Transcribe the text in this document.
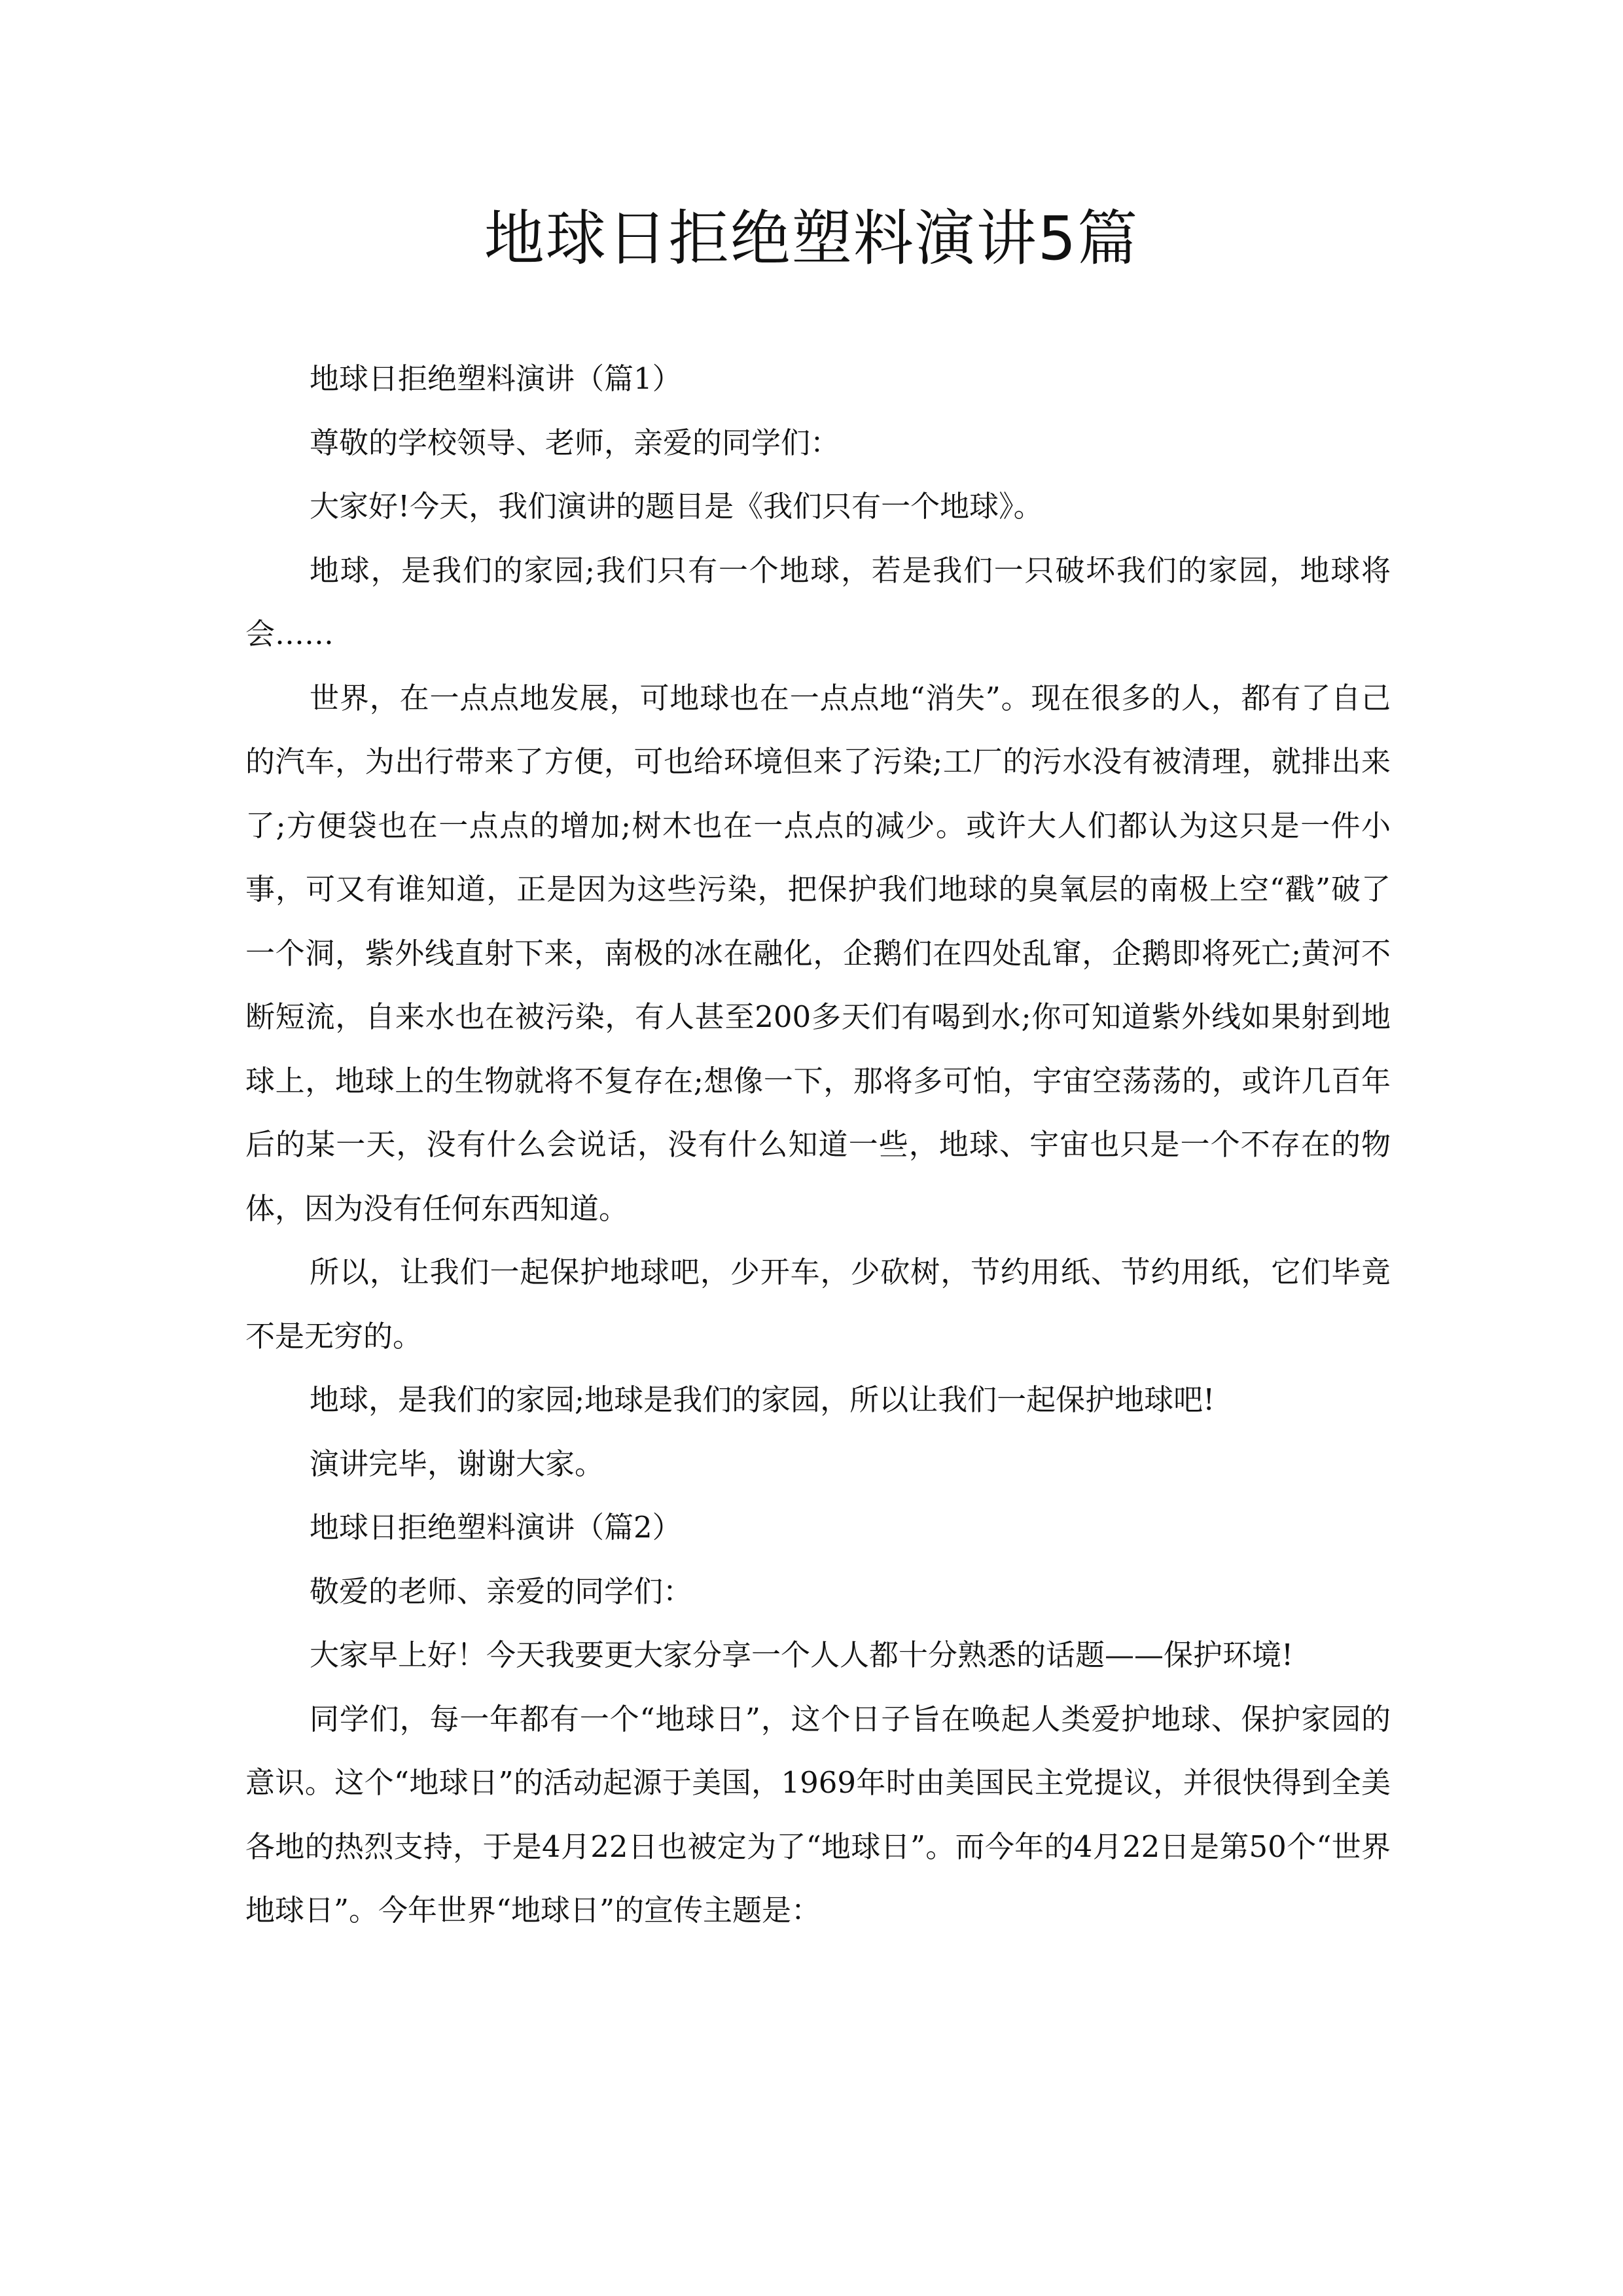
地球日拒绝塑料演讲5篇

地球日拒绝塑料演讲（篇1）

尊敬的学校领导、老师，亲爱的同学们：

大家好!今天，我们演讲的题目是《我们只有一个地球》。

地球，是我们的家园;我们只有一个地球，若是我们一只破坏我们的家园，地球将会……

世界，在一点点地发展，可地球也在一点点地“消失”。现在很多的人，都有了自己的汽车，为出行带来了方便，可也给环境但来了污染;工厂的污水没有被清理，就排出来了;方便袋也在一点点的增加;树木也在一点点的减少。或许大人们都认为这只是一件小事，可又有谁知道，正是因为这些污染，把保护我们地球的臭氧层的南极上空“戳”破了一个洞，紫外线直射下来，南极的冰在融化，企鹅们在四处乱窜，企鹅即将死亡;黄河不断短流，自来水也在被污染，有人甚至200多天们有喝到水;你可知道紫外线如果射到地球上，地球上的生物就将不复存在;想像一下，那将多可怕，宇宙空荡荡的，或许几百年后的某一天，没有什么会说话，没有什么知道一些，地球、宇宙也只是一个不存在的物体，因为没有任何东西知道。

所以，让我们一起保护地球吧，少开车，少砍树，节约用纸、节约用纸，它们毕竟不是无穷的。

地球，是我们的家园;地球是我们的家园，所以让我们一起保护地球吧!

演讲完毕，谢谢大家。

地球日拒绝塑料演讲（篇2）

敬爱的老师、亲爱的同学们：

大家早上好！今天我要更大家分享一个人人都十分熟悉的话题——保护环境!

同学们，每一年都有一个“地球日”，这个日子旨在唤起人类爱护地球、保护家园的意识。这个“地球日”的活动起源于美国，1969年时由美国民主党提议，并很快得到全美各地的热烈支持，于是4月22日也被定为了“地球日”。而今年的4月22日是第50个“世界地球日”。今年世界“地球日”的宣传主题是：
